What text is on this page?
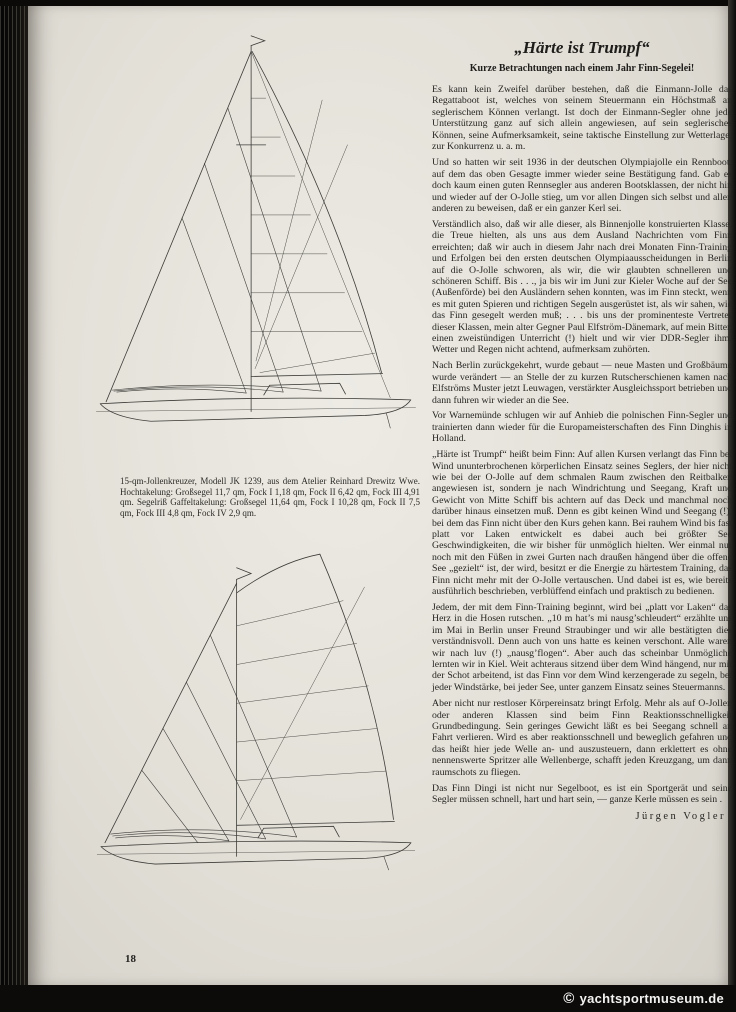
15-qm-Jollenkreuzer, Modell JK 1239, aus dem Atelier Reinhard Drewitz Wwe. Hochtakelung: Großsegel 11,7 qm, Fock I 1,18 qm, Fock II 6,42 qm, Fock III 4,91 qm. Segelriß Gaffeltakelung: Großsegel 11,64 qm, Fock I 10,28 qm, Fock II 7,5 qm, Fock III 4,8 qm, Fock IV 2,9 qm.

„Härte ist Trumpf“
Kurze Betrachtungen nach einem Jahr Finn-Segelei!

Es kann kein Zweifel darüber bestehen, daß die Einmann-Jolle das Regattaboot ist, welches von seinem Steuermann ein Höchstmaß an seglerischem Können verlangt. Ist doch der Einmann-Segler ohne jede Unterstützung ganz auf sich allein angewiesen, auf sein seglerisches Können, seine Aufmerksamkeit, seine taktische Einstellung zur Wetterlage, zur Konkurrenz u. a. m.

Und so hatten wir seit 1936 in der deutschen Olympiajolle ein Rennboot, auf dem das oben Gesagte immer wieder seine Bestätigung fand. Gab es doch kaum einen guten Rennsegler aus anderen Bootsklassen, der nicht hin und wieder auf der O-Jolle stieg, um vor allen Dingen sich selbst und allen anderen zu beweisen, daß er ein ganzer Kerl sei.

Verständlich also, daß wir alle dieser, als Binnenjolle konstruierten Klasse, die Treue hielten, als uns aus dem Ausland Nachrichten vom Finn erreichten; daß wir auch in diesem Jahr nach drei Monaten Finn-Training und Erfolgen bei den ersten deutschen Olympiaausscheidungen in Berlin auf die O-Jolle schworen, als wir, die wir glaubten schnelleren und schöneren Schiff. Bis . . ., ja bis wir im Juni zur Kieler Woche auf der See (Außenförde) bei den Ausländern sehen konnten, was im Finn steckt, wenn es mit guten Spieren und richtigen Segeln ausgerüstet ist, als wir sahen, wie das Finn gesegelt werden muß; . . . bis uns der prominenteste Vertreter dieser Klassen, mein alter Gegner Paul Elfström-Dänemark, auf mein Bitten einen zweistündigen Unterricht (!) hielt und wir vier DDR-Segler ihm, Wetter und Regen nicht achtend, aufmerksam zuhörten.

Nach Berlin zurückgekehrt, wurde gebaut — neue Masten und Großbäume wurde verändert — an Stelle der zu kurzen Rutscherschienen kamen nach Elfströms Muster jetzt Leuwagen, verstärkter Ausgleichssport betrieben und dann fuhren wir wieder an die See.

Vor Warnemünde schlugen wir auf Anhieb die polnischen Finn-Segler und trainierten dann wieder für die Europameisterschaften des Finn Dinghis in Holland.

„Härte ist Trumpf“ heißt beim Finn: Auf allen Kursen verlangt das Finn bei Wind ununterbrochenen körperlichen Einsatz seines Seglers, der hier nicht wie bei der O-Jolle auf dem schmalen Raum zwischen den Reitbalken angewiesen ist, sondern je nach Windrichtung und Seegang, Kraft und Gewicht von Mitte Schiff bis achtern auf das Deck und manchmal noch darüber hinaus einsetzen muß. Denn es gibt keinen Wind und Seegang (!), bei dem das Finn nicht über den Kurs gehen kann. Bei rauhem Wind bis fast platt vor Laken entwickelt es dabei auch bei größter See Geschwindigkeiten, die wir bisher für unmöglich hielten. Wer einmal nur noch mit den Füßen in zwei Gurten nach draußen hängend über die offene See „gezielt“ ist, der wird, besitzt er die Energie zu härtestem Training, das Finn nicht mehr mit der O-Jolle vertauschen. Und dabei ist es, wie bereits ausführlich beschrieben, verblüffend einfach und praktisch zu bedienen.

Jedem, der mit dem Finn-Training beginnt, wird bei „platt vor Laken“ das Herz in die Hosen rutschen. „10 m hat’s mi nausg’schleudert“ erzählte uns im Mai in Berlin unser Freund Straubinger und wir alle bestätigten dies verständnisvoll. Denn auch von uns hatte es keinen verschont. Alle waren wir nach luv (!) „nausg’flogen“. Aber auch das scheinbar Unmögliche lernten wir in Kiel. Weit achteraus sitzend über dem Wind hängend, nur mit der Schot arbeitend, ist das Finn vor dem Wind kerzengerade zu segeln, bei jeder Windstärke, bei jeder See, unter ganzem Einsatz seines Steuermanns.

Aber nicht nur restloser Körpereinsatz bringt Erfolg. Mehr als auf O-Jollen oder anderen Klassen sind beim Finn Reaktionsschnelligkeit Grundbedingung. Sein geringes Gewicht läßt es bei Seegang schnell an Fahrt verlieren. Wird es aber reaktionsschnell und beweglich gefahren und das heißt hier jede Welle an- und auszusteuern, dann erklettert es ohne nennenswerte Spritzer alle Wellenberge, schafft jeden Kreuzgang, um dann raumschots zu fliegen.

Das Finn Dingi ist nicht nur Segelboot, es ist ein Sportgerät und seine Segler müssen schnell, hart und hart sein, — ganze Kerle müssen es sein .

Jürgen Vogler
18
© yachtsportmuseum.de
